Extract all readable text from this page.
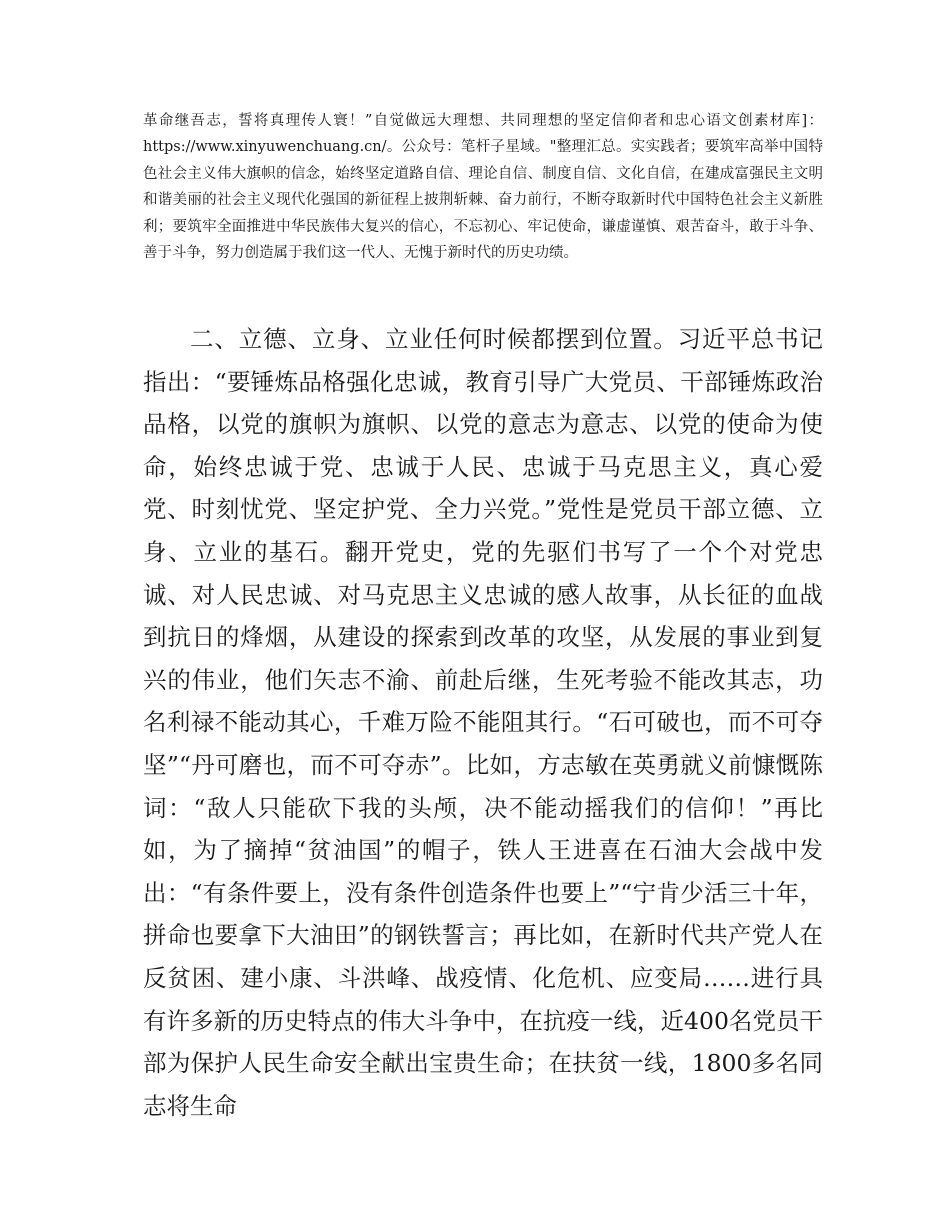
革命继吾志，誓将真理传人寰！”自觉做远大理想、共同理想的坚定信仰者和忠心语文创素材库]：https://www.xinyuwenchuang.cn/。公众号：笔杆子星域。"整理汇总。实实践者；要筑牢高举中国特色社会主义伟大旗帜的信念，始终坚定道路自信、理论自信、制度自信、文化自信，在建成富强民主文明和谐美丽的社会主义现代化强国的新征程上披荆斩棘、奋力前行，不断夺取新时代中国特色社会主义新胜利；要筑牢全面推进中华民族伟大复兴的信心，不忘初心、牢记使命，谦虚谨慎、艰苦奋斗，敢于斗争、善于斗争，努力创造属于我们这一代人、无愧于新时代的历史功绩。

二、立德、立身、立业任何时候都摆到位置。习近平总书记指出：“要锤炼品格强化忠诚，教育引导广大党员、干部锤炼政治品格，以党的旗帜为旗帜、以党的意志为意志、以党的使命为使命，始终忠诚于党、忠诚于人民、忠诚于马克思主义，真心爱党、时刻忧党、坚定护党、全力兴党。”党性是党员干部立德、立身、立业的基石。翻开党史，党的先驱们书写了一个个对党忠诚、对人民忠诚、对马克思主义忠诚的感人故事，从长征的血战到抗日的烽烟，从建设的探索到改革的攻坚，从发展的事业到复兴的伟业，他们矢志不渝、前赴后继，生死考验不能改其志，功名利禄不能动其心，千难万险不能阻其行。“石可破也，而不可夺坚”“丹可磨也，而不可夺赤”。比如，方志敏在英勇就义前慷慨陈词：“敌人只能砍下我的头颅，决不能动摇我们的信仰！”再比如，为了摘掉“贫油国”的帽子，铁人王进喜在石油大会战中发出：“有条件要上，没有条件创造条件也要上”“宁肯少活三十年，拼命也要拿下大油田”的钢铁誓言；再比如，在新时代共产党人在反贫困、建小康、斗洪峰、战疫情、化危机、应变局……进行具有许多新的历史特点的伟大斗争中，在抗疫一线，近400名党员干部为保护人民生命安全献出宝贵生命；在扶贫一线，1800多名同志将生命
